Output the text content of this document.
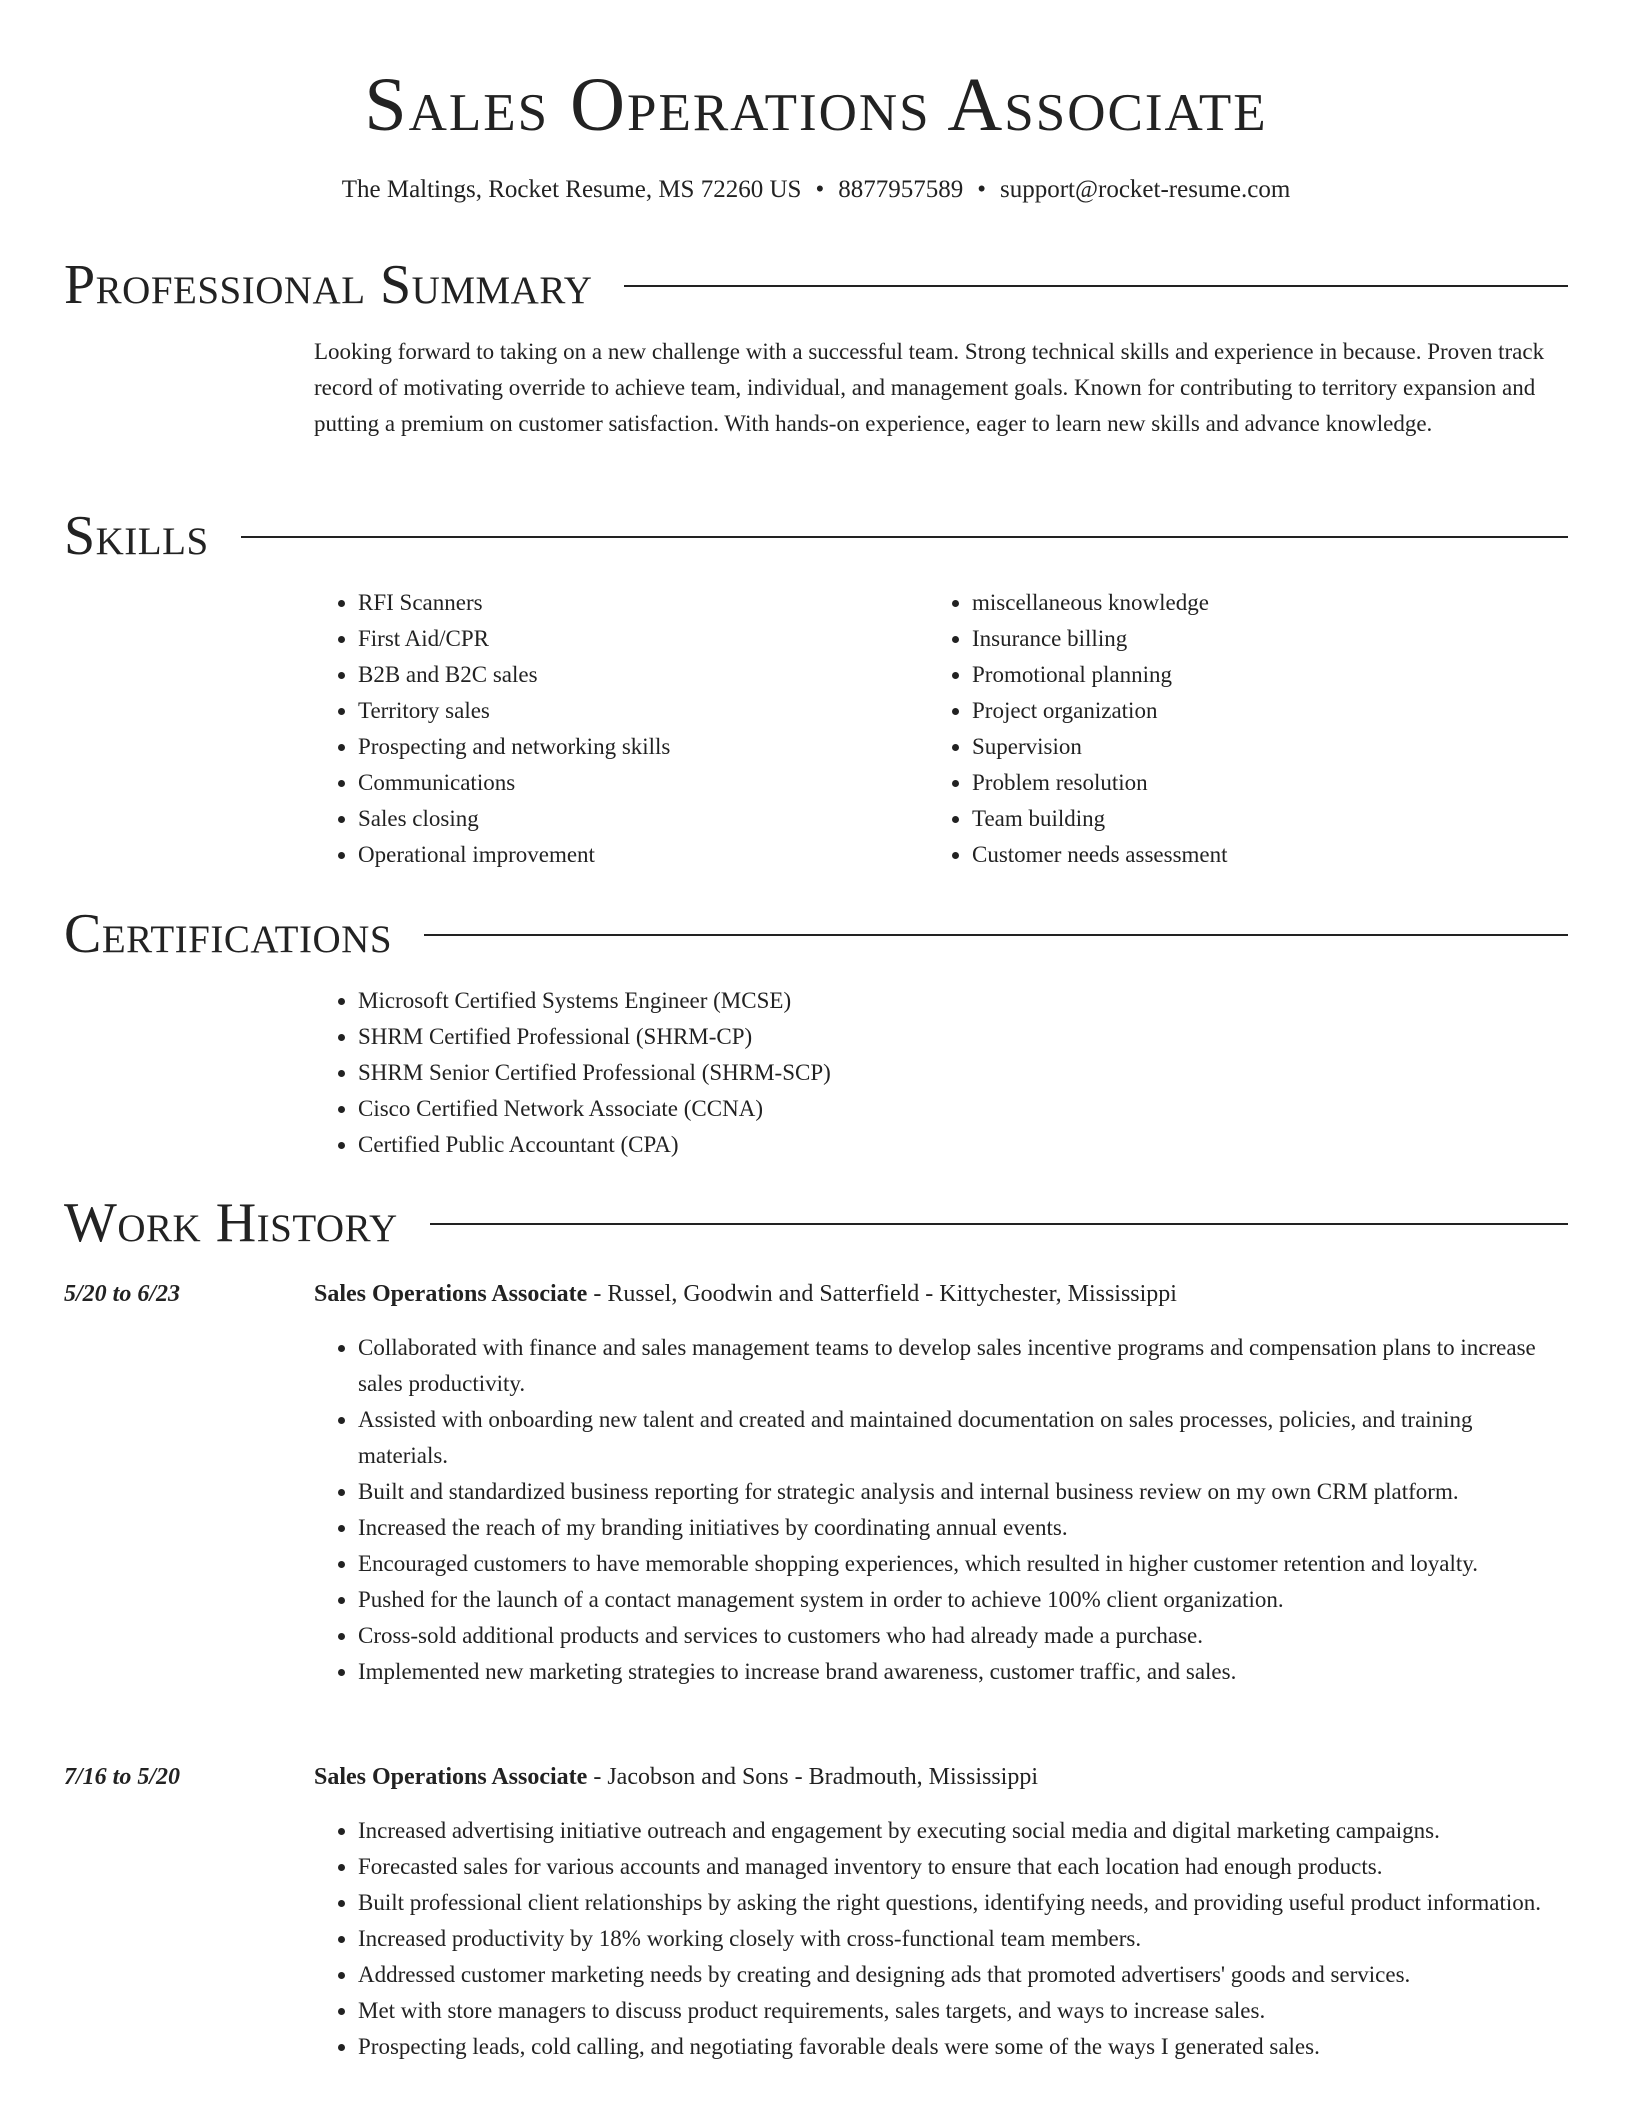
Sales Operations Associate
The Maltings, Rocket Resume, MS 72260 US • 8877957589 • support@rocket-resume.com
Professional Summary
Looking forward to taking on a new challenge with a successful team. Strong technical skills and experience in because. Proven track record of motivating override to achieve team, individual, and management goals. Known for contributing to territory expansion and putting a premium on customer satisfaction. With hands-on experience, eager to learn new skills and advance knowledge.
Skills
• RFI Scanners
• First Aid/CPR
• B2B and B2C sales
• Territory sales
• Prospecting and networking skills
• Communications
• Sales closing
• Operational improvement
• miscellaneous knowledge
• Insurance billing
• Promotional planning
• Project organization
• Supervision
• Problem resolution
• Team building
• Customer needs assessment
Certifications
• Microsoft Certified Systems Engineer (MCSE)
• SHRM Certified Professional (SHRM-CP)
• SHRM Senior Certified Professional (SHRM-SCP)
• Cisco Certified Network Associate (CCNA)
• Certified Public Accountant (CPA)
Work History
5/20 to 6/23	Sales Operations Associate - Russel, Goodwin and Satterfield - Kittychester, Mississippi
• Collaborated with finance and sales management teams to develop sales incentive programs and compensation plans to increase sales productivity.
• Assisted with onboarding new talent and created and maintained documentation on sales processes, policies, and training materials.
• Built and standardized business reporting for strategic analysis and internal business review on my own CRM platform.
• Increased the reach of my branding initiatives by coordinating annual events.
• Encouraged customers to have memorable shopping experiences, which resulted in higher customer retention and loyalty.
• Pushed for the launch of a contact management system in order to achieve 100% client organization.
• Cross-sold additional products and services to customers who had already made a purchase.
• Implemented new marketing strategies to increase brand awareness, customer traffic, and sales.
7/16 to 5/20	Sales Operations Associate - Jacobson and Sons - Bradmouth, Mississippi
• Increased advertising initiative outreach and engagement by executing social media and digital marketing campaigns.
• Forecasted sales for various accounts and managed inventory to ensure that each location had enough products.
• Built professional client relationships by asking the right questions, identifying needs, and providing useful product information.
• Increased productivity by 18% working closely with cross-functional team members.
• Addressed customer marketing needs by creating and designing ads that promoted advertisers' goods and services.
• Met with store managers to discuss product requirements, sales targets, and ways to increase sales.
• Prospecting leads, cold calling, and negotiating favorable deals were some of the ways I generated sales.
